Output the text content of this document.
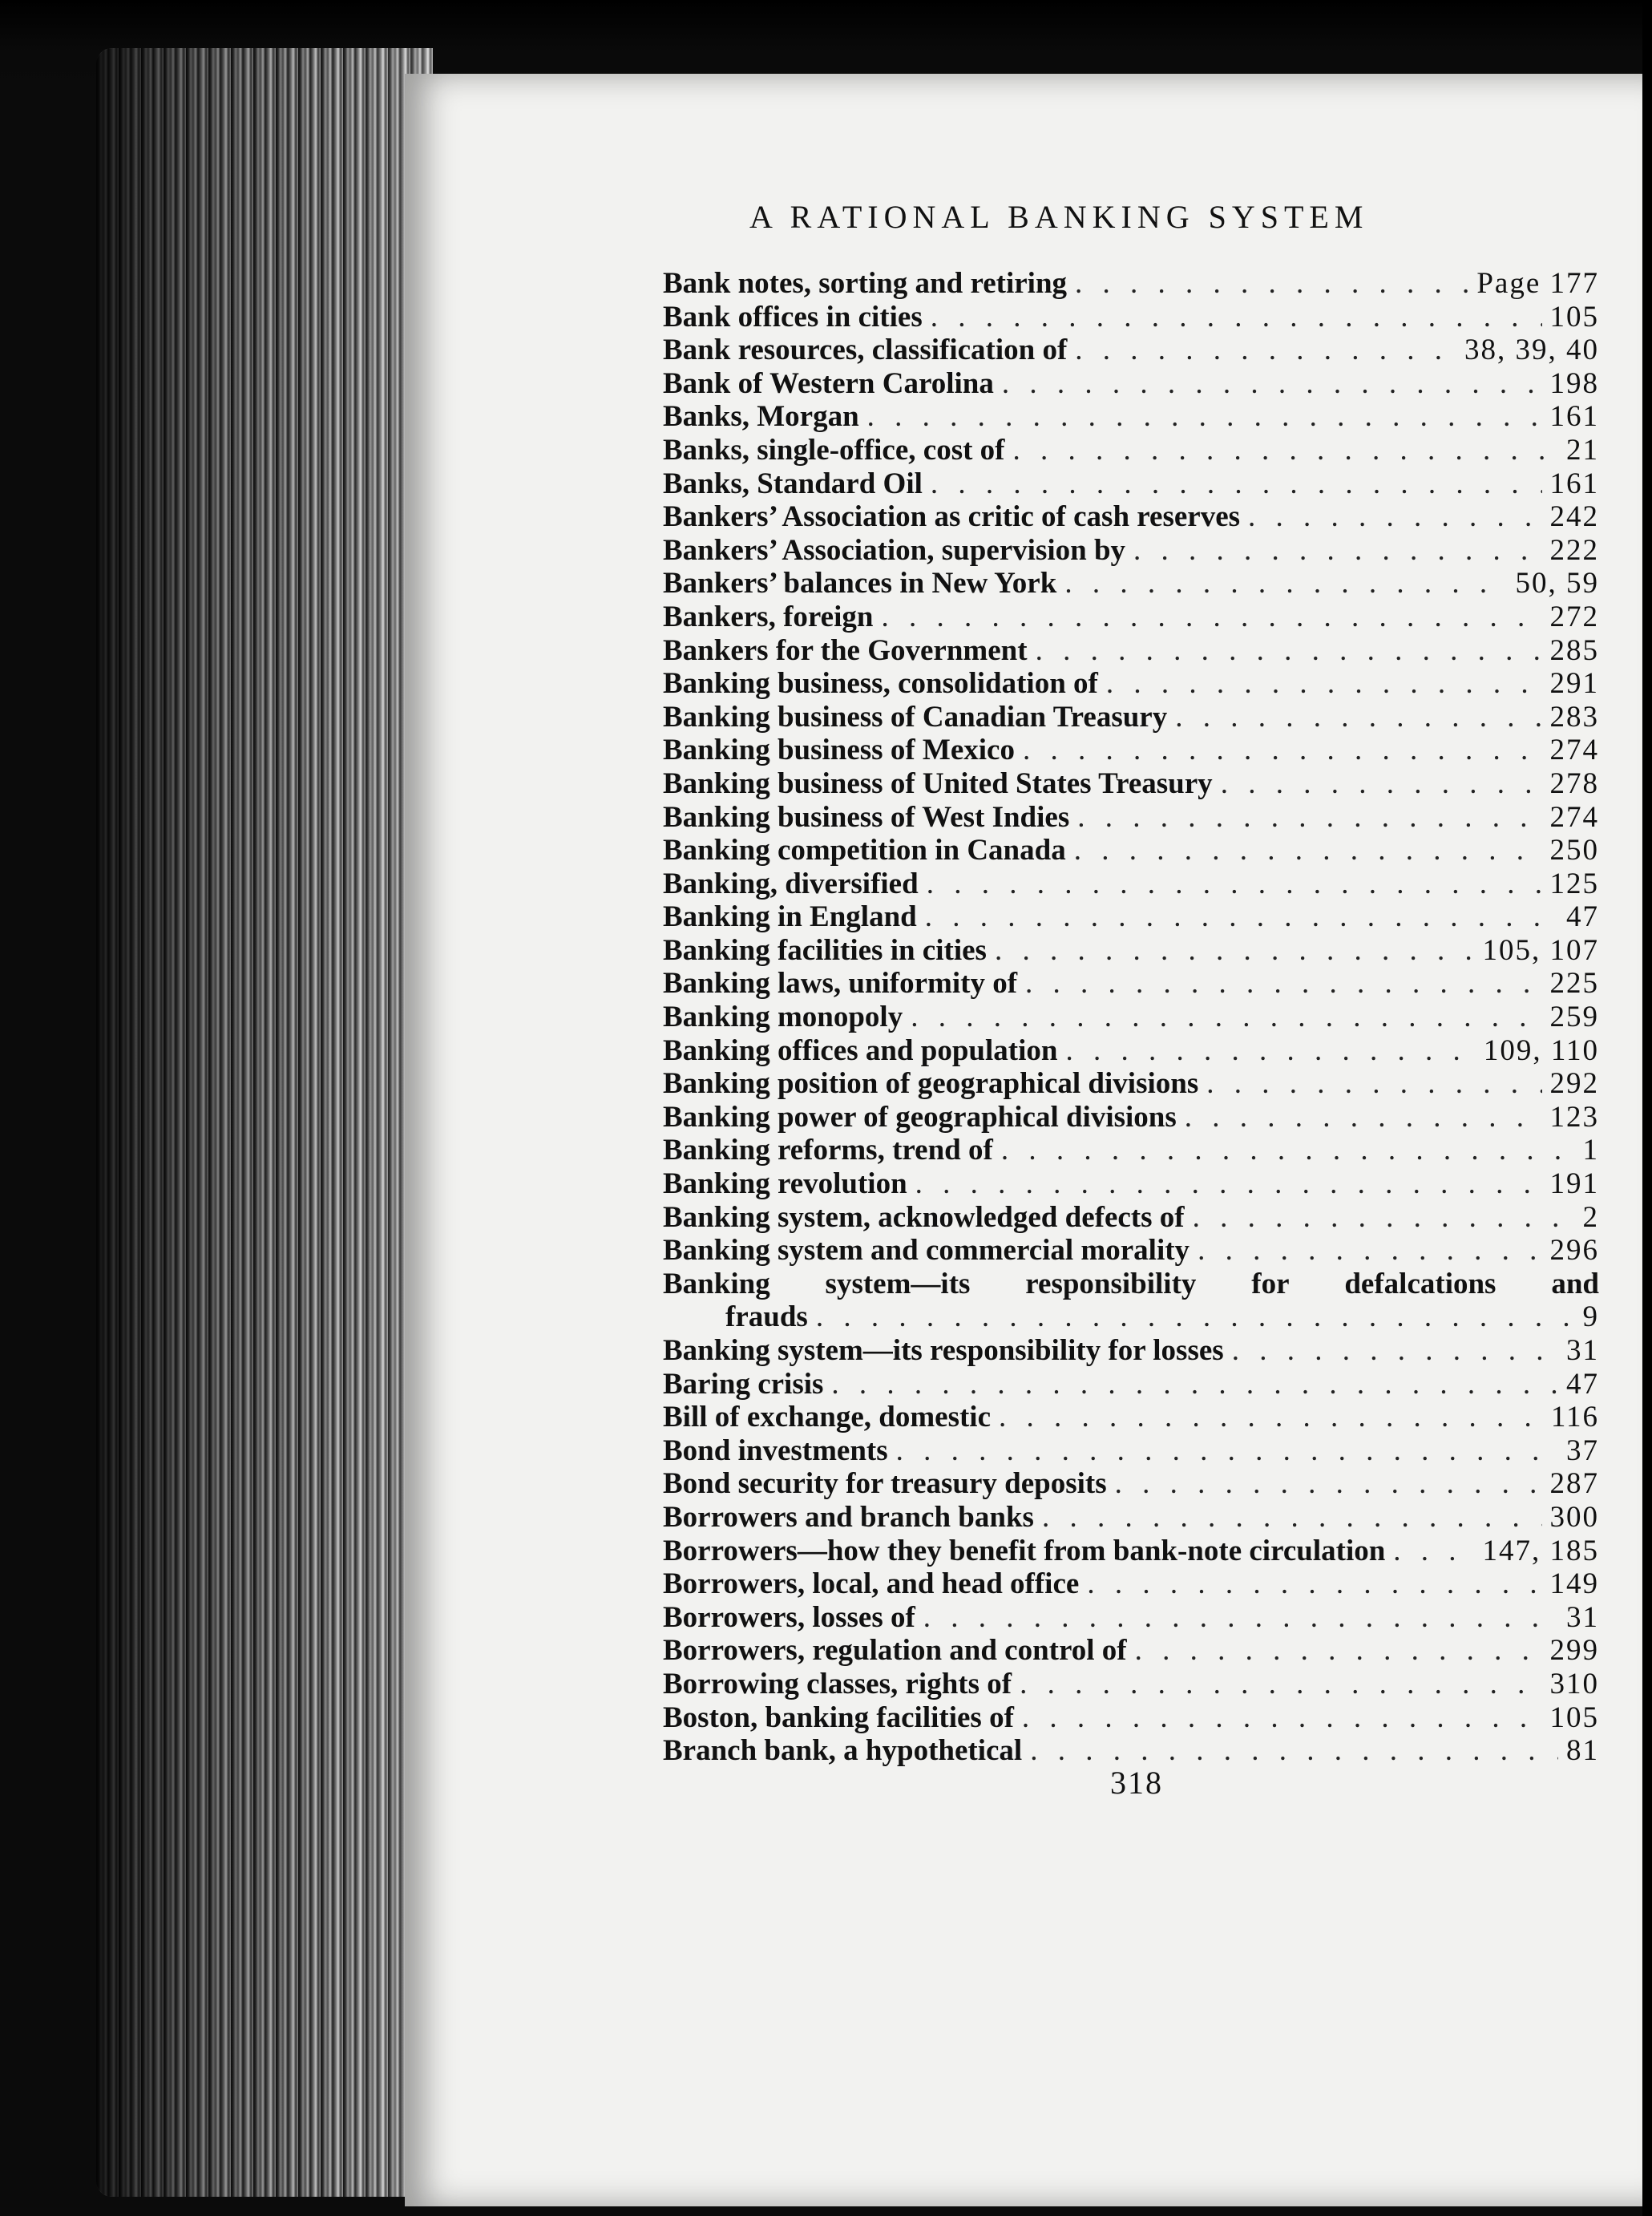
A RATIONAL BANKING SYSTEM
Bank notes, sorting and retiring . . .	Page 177
Bank offices in cities . . .	105
Bank resources, classification of . . .	38, 39, 40
Bank of Western Carolina . . .	198
Banks, Morgan . . .	161
Banks, single-office, cost of . . .	21
Banks, Standard Oil . . .	161
Bankers’ Association as critic of cash reserves . . .	242
Bankers’ Association, supervision by . . .	222
Bankers’ balances in New York . . .	50, 59
Bankers, foreign . . .	272
Bankers for the Government . . .	285
Banking business, consolidation of . . .	291
Banking business of Canadian Treasury . . .	283
Banking business of Mexico . . .	274
Banking business of United States Treasury . . .	278
Banking business of West Indies . . .	274
Banking competition in Canada . . .	250
Banking, diversified . . .	125
Banking in England . . .	47
Banking facilities in cities . . .	105, 107
Banking laws, uniformity of . . .	225
Banking monopoly . . .	259
Banking offices and population . . .	109, 110
Banking position of geographical divisions . . .	292
Banking power of geographical divisions . . .	123
Banking reforms, trend of . . .	1
Banking revolution . . .	191
Banking system, acknowledged defects of . . .	2
Banking system and commercial morality . . .	296
Banking system—its responsibility for defalcations and
frauds . . .	9
Banking system—its responsibility for losses . . .	31
Baring crisis . . .	47
Bill of exchange, domestic . . .	116
Bond investments . . .	37
Bond security for treasury deposits . . .	287
Borrowers and branch banks . . .	300
Borrowers—how they benefit from bank-note circulation . . .	147, 185
Borrowers, local, and head office . . .	149
Borrowers, losses of . . .	31
Borrowers, regulation and control of . . .	299
Borrowing classes, rights of . . .	310
Boston, banking facilities of . . .	105
Branch bank, a hypothetical . . .	81
318
